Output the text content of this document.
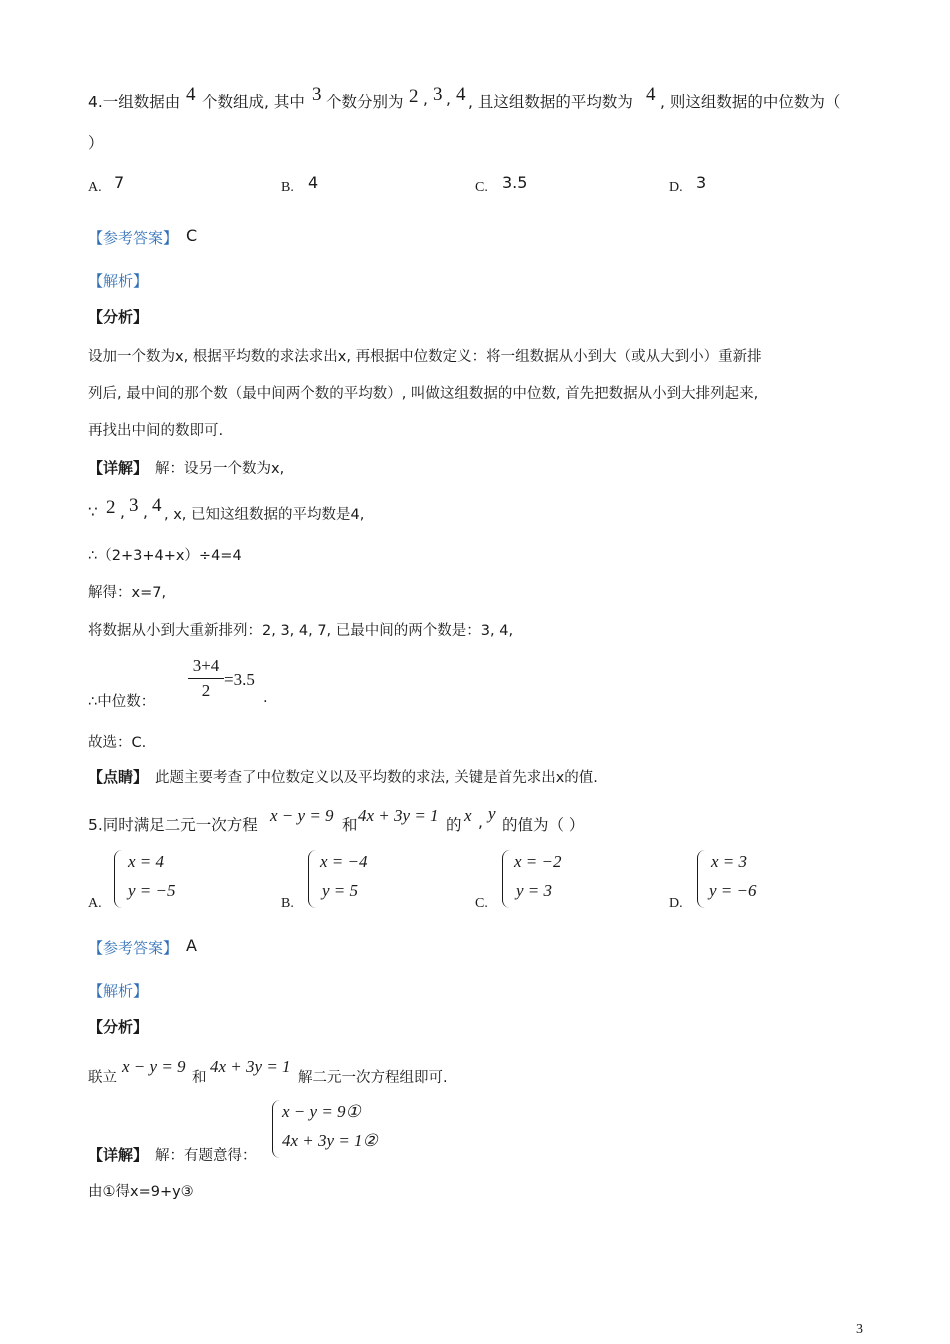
4.一组数据由 4 个数组成, 其中 3 个数分别为 2 , 3 , 4 , 且这组数据的平均数为 4 , 则这组数据的中位数为（
）
A. 7	B. 4	C. 3.5	D. 3
【参考答案】 C
【解析】
【分析】
设加一个数为x, 根据平均数的求法求出x, 再根据中位数定义：将一组数据从小到大（或从大到小）重新排
列后, 最中间的那个数（最中间两个数的平均数）, 叫做这组数据的中位数, 首先把数据从小到大排列起来,
再找出中间的数即可.
【详解】 解：设另一个数为x,
∵ 2 , 3 , 4 , x, 已知这组数据的平均数是4,
∴（2+3+4+x）÷4=4
解得：x=7,
将数据从小到大重新排列：2, 3, 4, 7, 已最中间的两个数是：3, 4,
∴中位数：
3+4
2
=3.5
.
故选：C.
【点睛】 此题主要考查了中位数定义以及平均数的求法, 关键是首先求出x的值.
5.同时满足二元一次方程 x − y = 9 和 4x + 3y = 1 的 x , y
的值为（ ）
A.
x = 4
y = −5
B.
x = −4
y = 5
C.
x = −2
y = 3
D.
x = 3
y = −6
【参考答案】 A
【解析】
【分析】
联立
x − y = 9
和
4x + 3y = 1
解二元一次方程组即可.
【详解】 解：有题意得：
x − y = 9①
4x + 3y = 1②
由①得x=9+y③
3
